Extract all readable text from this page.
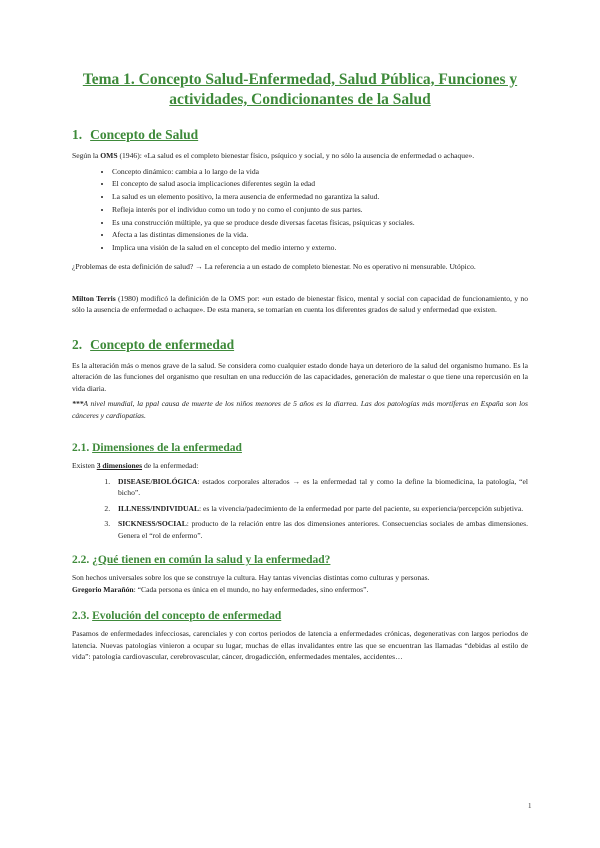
Tema 1. Concepto Salud-Enfermedad, Salud Pública, Funciones y
actividades, Condicionantes de la Salud
1. Concepto de Salud

Según la OMS (1946): «La salud es el completo bienestar físico, psíquico y social, y no sólo la ausencia de enfermedad o achaque».

• Concepto dinámico: cambia a lo largo de la vida
• El concepto de salud asocia implicaciones diferentes según la edad
• La salud es un elemento positivo, la mera ausencia de enfermedad no garantiza la salud.
• Refleja interés por el individuo como un todo y no como el conjunto de sus partes.
• Es una construcción múltiple, ya que se produce desde diversas facetas físicas, psíquicas y sociales.
• Afecta a las distintas dimensiones de la vida.
• Implica una visión de la salud en el concepto del medio interno y externo.

¿Problemas de esta definición de salud? → La referencia a un estado de completo bienestar. No es operativo ni mensurable. Utópico.

Milton Terris (1980) modificó la definición de la OMS por: «un estado de bienestar físico, mental y social con capacidad de funcionamiento, y no sólo la ausencia de enfermedad o achaque». De esta manera, se tomarían en cuenta los diferentes grados de salud y enfermedad que existen.

2. Concepto de enfermedad

Es la alteración más o menos grave de la salud. Se considera como cualquier estado donde haya un deterioro de la salud del organismo humano. Es la alteración de las funciones del organismo que resultan en una reducción de las capacidades, generación de malestar o que tiene una repercusión en la vida diaria.

***A nivel mundial, la ppal causa de muerte de los niños menores de 5 años es la diarrea. Las dos patologías más mortíferas en España son los cánceres y cardiopatías.

2.1. Dimensiones de la enfermedad

Existen 3 dimensiones de la enfermedad:

1. DISEASE/BIOLÓGICA: estados corporales alterados → es la enfermedad tal y como la define la biomedicina, la patología, “el bicho”.
2. ILLNESS/INDIVIDUAL: es la vivencia/padecimiento de la enfermedad por parte del paciente, su experiencia/percepción subjetiva.
3. SICKNESS/SOCIAL: producto de la relación entre las dos dimensiones anteriores. Consecuencias sociales de ambas dimensiones. Genera el “rol de enfermo”.
2.2. ¿Qué tienen en común la salud y la enfermedad?

Son hechos universales sobre los que se construye la cultura. Hay tantas vivencias distintas como culturas y personas.

Gregorio Marañón: “Cada persona es única en el mundo, no hay enfermedades, sino enfermos”.

2.3. Evolución del concepto de enfermedad

Pasamos de enfermedades infecciosas, carenciales y con cortos periodos de latencia a enfermedades crónicas, degenerativas con largos periodos de latencia. Nuevas patologías vinieron a ocupar su lugar, muchas de ellas invalidantes entre las que se encuentran las llamadas “debidas al estilo de vida”: patología cardiovascular, cerebrovascular, cáncer, drogadicción, enfermedades mentales, accidentes…

1
